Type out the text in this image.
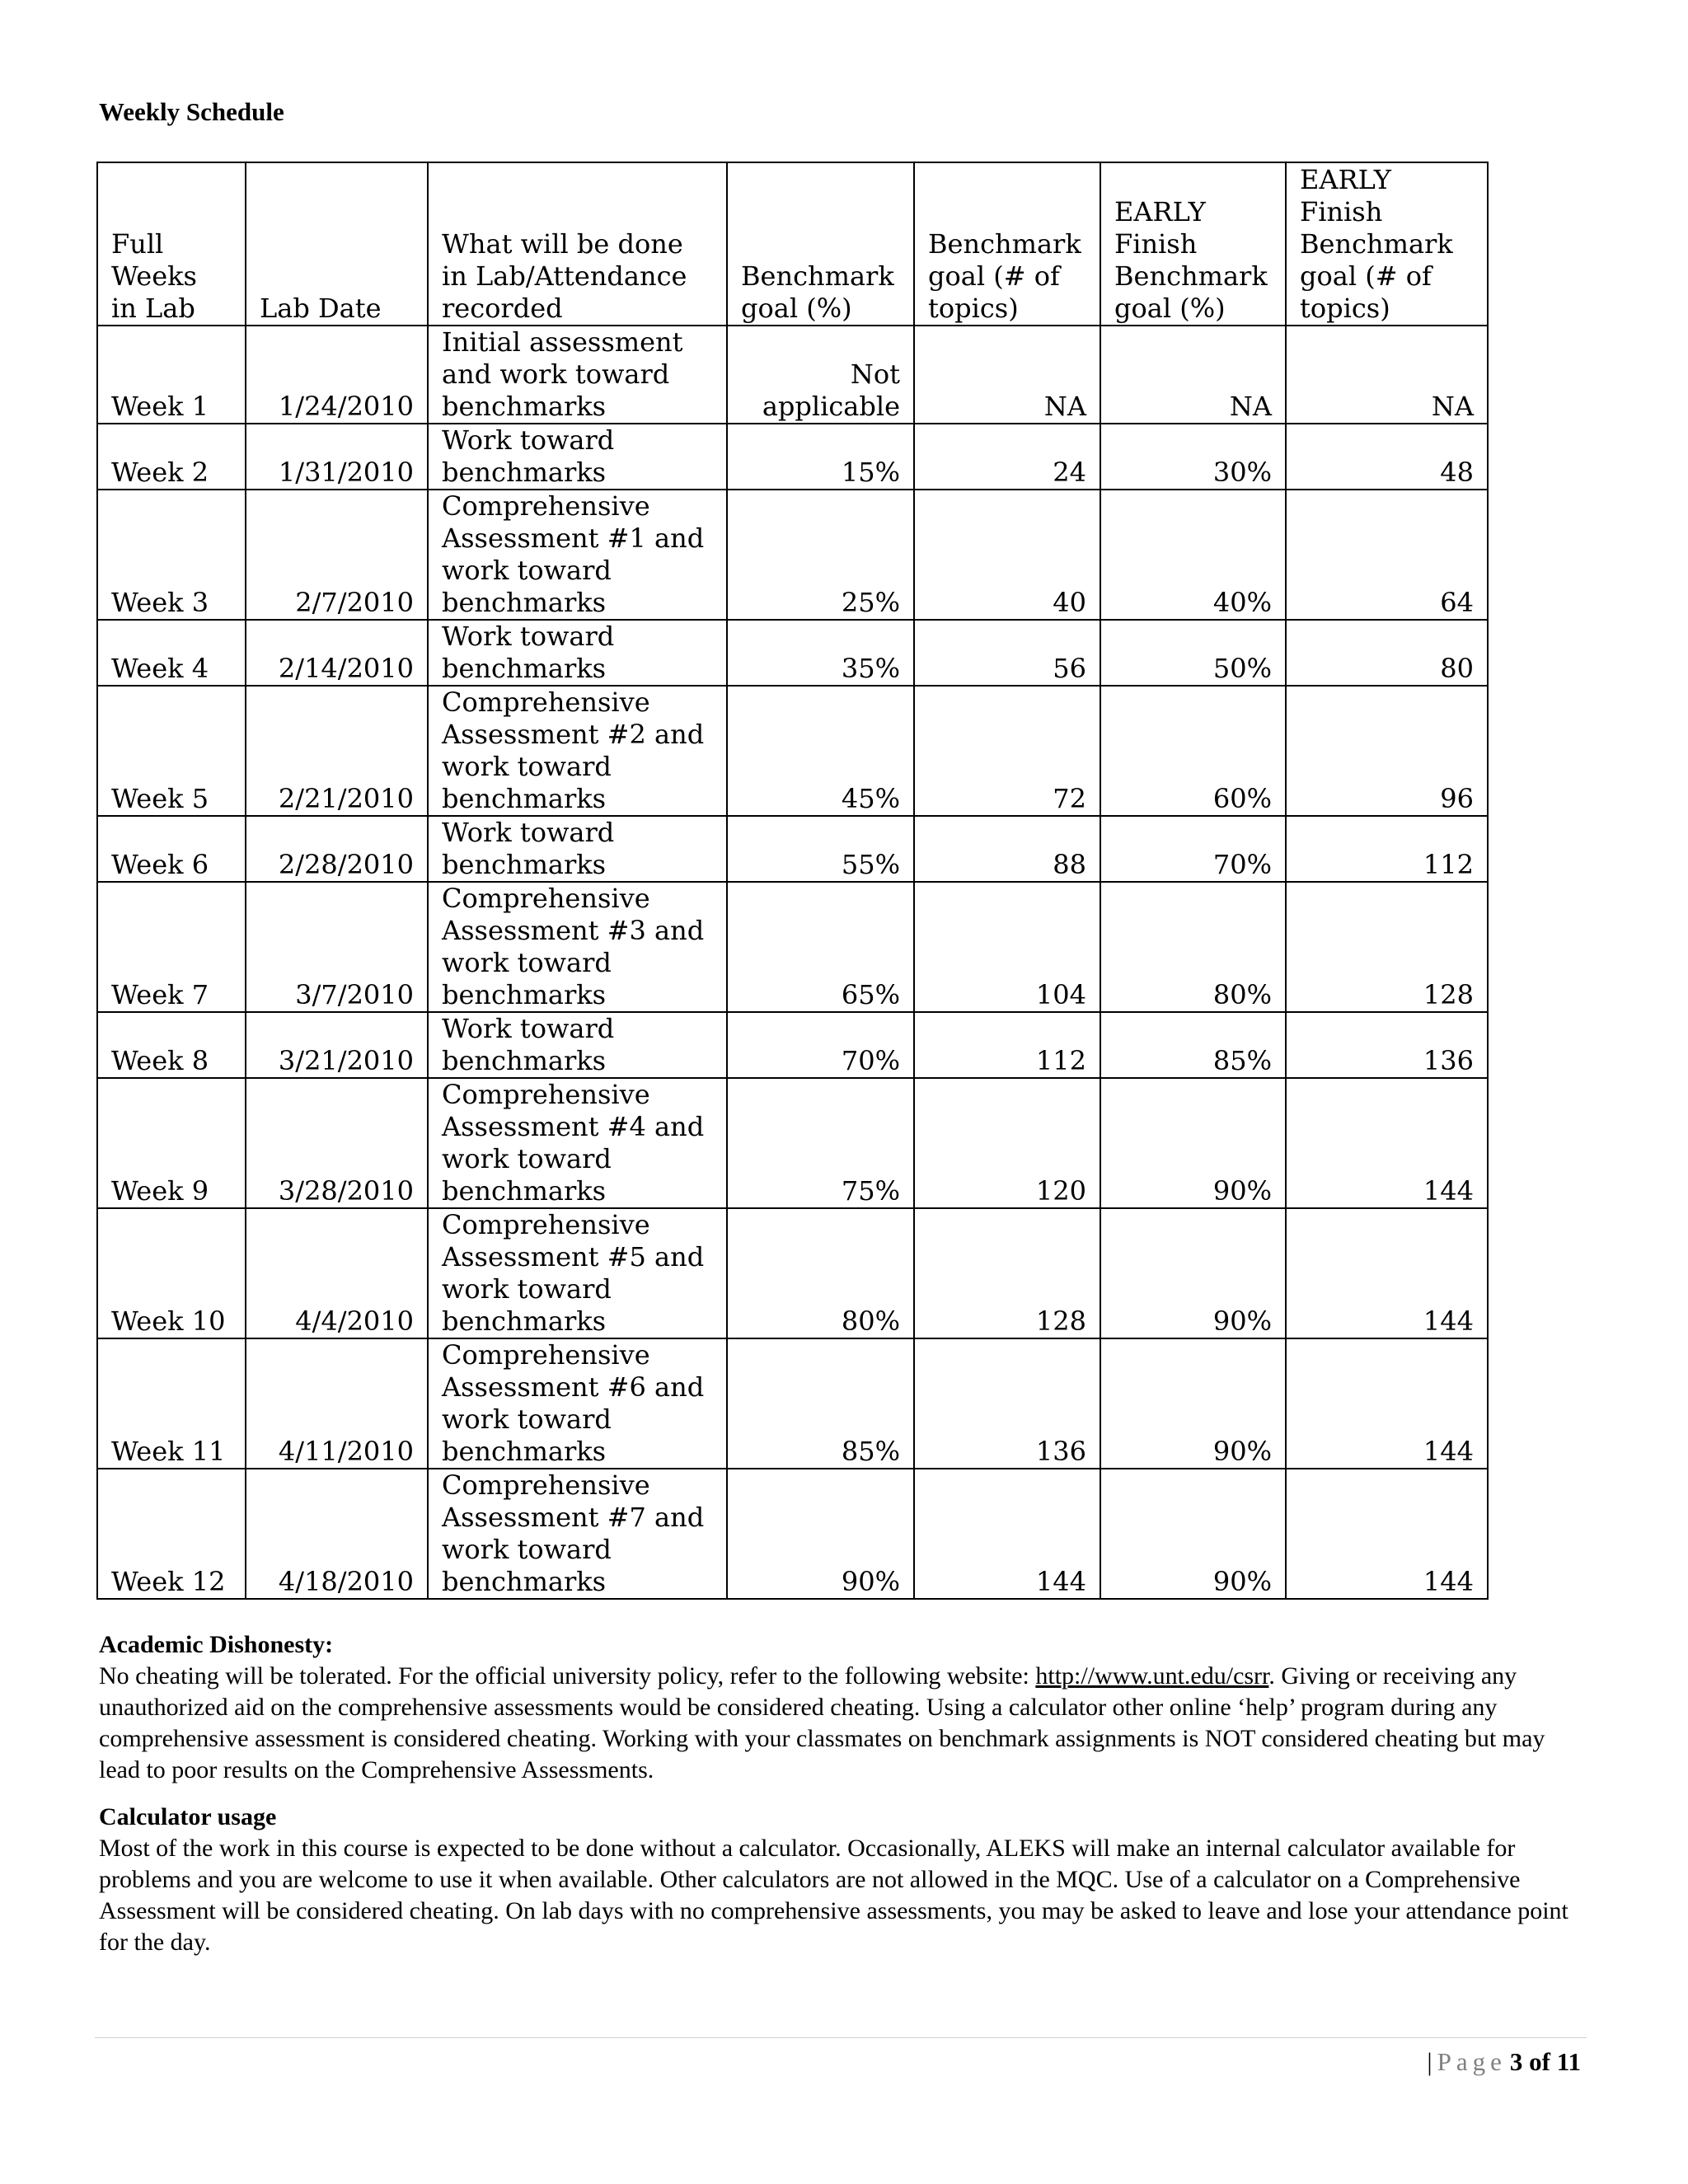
Weekly Schedule
Full
Weeks
in Lab	Lab Date	What will be done
in Lab/Attendance
recorded	Benchmark
goal (%)	Benchmark
goal (# of
topics)	EARLY
Finish
Benchmark
goal (%)	EARLY
Finish
Benchmark
goal (# of
topics)
Week 1	1/24/2010	Initial assessment
and work toward
benchmarks	Not
applicable	NA	NA	NA
Week 2	1/31/2010	Work toward
benchmarks	15%	24	30%	48
Week 3	2/7/2010	Comprehensive
Assessment #1 and
work toward
benchmarks	25%	40	40%	64
Week 4	2/14/2010	Work toward
benchmarks	35%	56	50%	80
Week 5	2/21/2010	Comprehensive
Assessment #2 and
work toward
benchmarks	45%	72	60%	96
Week 6	2/28/2010	Work toward
benchmarks	55%	88	70%	112
Week 7	3/7/2010	Comprehensive
Assessment #3 and
work toward
benchmarks	65%	104	80%	128
Week 8	3/21/2010	Work toward
benchmarks	70%	112	85%	136
Week 9	3/28/2010	Comprehensive
Assessment #4 and
work toward
benchmarks	75%	120	90%	144
Week 10	4/4/2010	Comprehensive
Assessment #5 and
work toward
benchmarks	80%	128	90%	144
Week 11	4/11/2010	Comprehensive
Assessment #6 and
work toward
benchmarks	85%	136	90%	144
Week 12	4/18/2010	Comprehensive
Assessment #7 and
work toward
benchmarks	90%	144	90%	144
Academic Dishonesty:
No cheating will be tolerated. For the official university policy, refer to the following website: http://www.unt.edu/csrr. Giving or receiving any unauthorized aid on the comprehensive assessments would be considered cheating. Using a calculator other online ‘help’ program during any comprehensive assessment is considered cheating. Working with your classmates on benchmark assignments is NOT considered cheating but may lead to poor results on the Comprehensive Assessments.
Calculator usage
Most of the work in this course is expected to be done without a calculator. Occasionally, ALEKS will make an internal calculator available for problems and you are welcome to use it when available. Other calculators are not allowed in the MQC. Use of a calculator on a Comprehensive Assessment will be considered cheating. On lab days with no comprehensive assessments, you may be asked to leave and lose your attendance point for the day.
| Page 3 of 11
